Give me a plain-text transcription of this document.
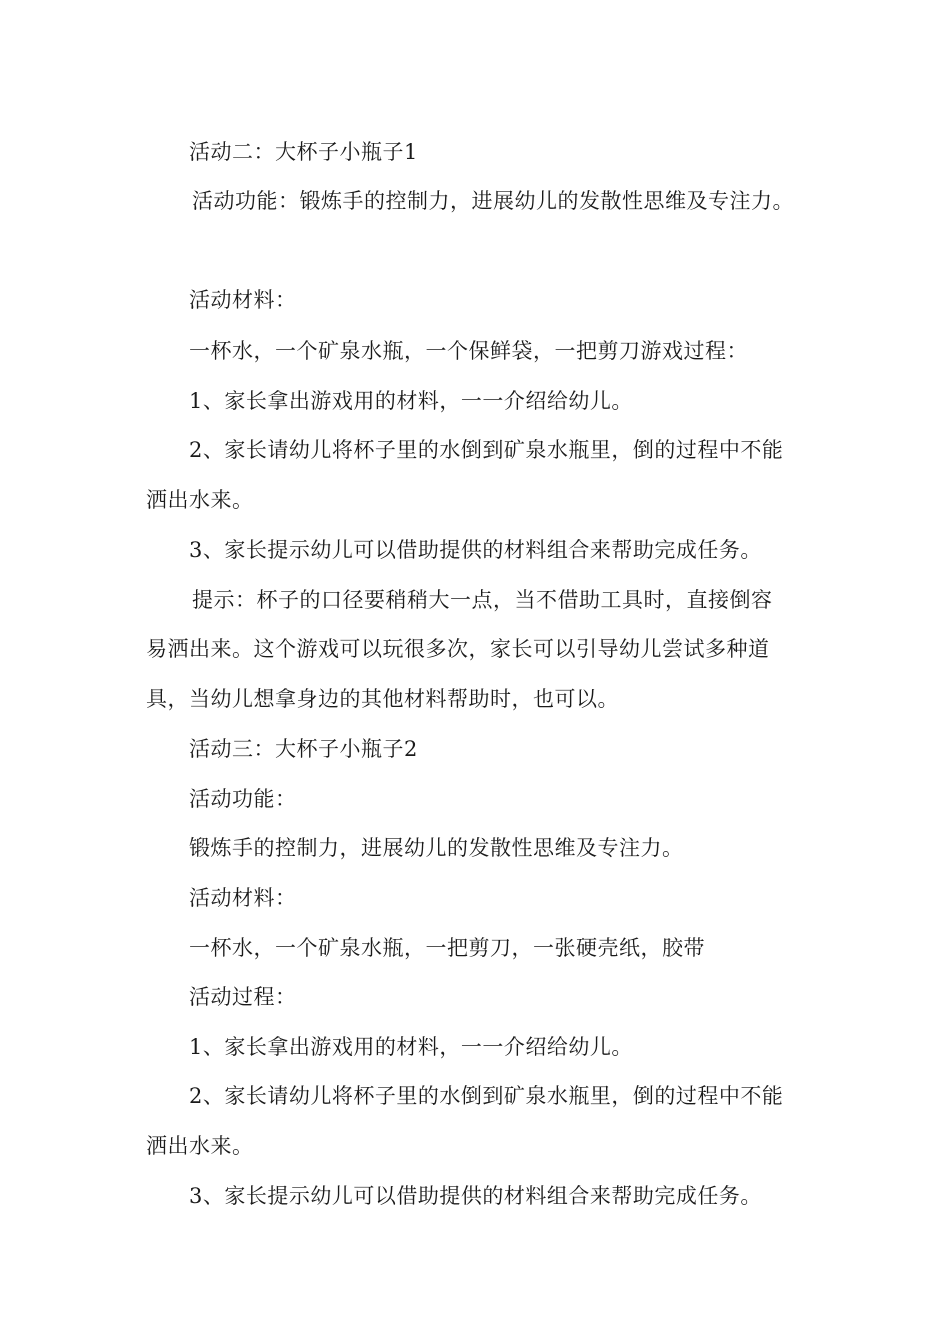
活动二：大杯子小瓶子1
活动功能：锻炼手的控制力，进展幼儿的发散性思维及专注力。
活动材料：
一杯水，一个矿泉水瓶，一个保鲜袋，一把剪刀游戏过程：
1、家长拿出游戏用的材料，一一介绍给幼儿。
2、家长请幼儿将杯子里的水倒到矿泉水瓶里，倒的过程中不能
洒出水来。
3、家长提示幼儿可以借助提供的材料组合来帮助完成任务。
提示：杯子的口径要稍稍大一点，当不借助工具时，直接倒容
易洒出来。这个游戏可以玩很多次，家长可以引导幼儿尝试多种道
具，当幼儿想拿身边的其他材料帮助时，也可以。
活动三：大杯子小瓶子2
活动功能：
锻炼手的控制力，进展幼儿的发散性思维及专注力。
活动材料：
一杯水，一个矿泉水瓶，一把剪刀，一张硬壳纸，胶带
活动过程：
1、家长拿出游戏用的材料，一一介绍给幼儿。
2、家长请幼儿将杯子里的水倒到矿泉水瓶里，倒的过程中不能
洒出水来。
3、家长提示幼儿可以借助提供的材料组合来帮助完成任务。
